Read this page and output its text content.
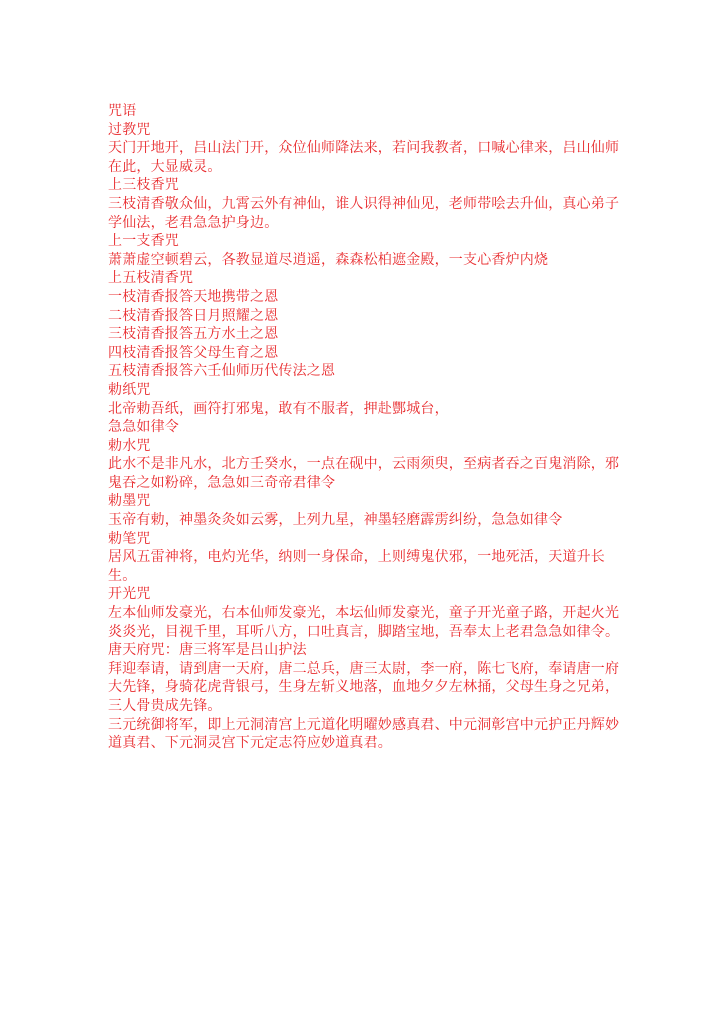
咒语

过教咒

天门开地开，吕山法门开，众位仙师降法来，若问我教者，口喊心律来，吕山仙师在此，大显威灵。

上三枝香咒

三枝清香敬众仙，九霄云外有神仙，谁人识得神仙见，老师带哙去升仙，真心弟子学仙法，老君急急护身边。

上一支香咒

萧萧虚空顿碧云，各教显道尽逍遥，森森松柏遮金殿，一支心香炉内烧

上五枝清香咒

一枝清香报答天地携带之恩

二枝清香报答日月照耀之恩

三枝清香报答五方水土之恩

四枝清香报答父母生育之恩

五枝清香报答六壬仙师历代传法之恩

勅纸咒

北帝勅吾纸，画符打邪鬼，敢有不服者，押赴酆城台，

急急如律令

勅水咒

此水不是非凡水，北方壬癸水，一点在砚中，云雨须臾，至病者吞之百鬼消除，邪鬼吞之如粉碎，急急如三奇帝君律令

勅墨咒

玉帝有勅，神墨灸灸如云雾，上列九星，神墨轻磨霹雳纠纷，急急如律令

勅笔咒

居风五雷神将，电灼光华，纳则一身保命，上则缚鬼伏邪，一地死活，天道升长生。

开光咒

左本仙师发豪光，右本仙师发豪光，本坛仙师发豪光，童子开光童子路，开起火光炎炎光，目视千里，耳听八方，口吐真言，脚踏宝地，吾奉太上老君急急如律令。

唐天府咒：唐三将军是吕山护法

拜迎奉请，请到唐一天府，唐二总兵，唐三太尉，李一府，陈七飞府，奉请唐一府大先锋，身骑花虎背银弓，生身左斩义地落，血地夕夕左林捅，父母生身之兄弟，三人骨贵成先锋。

三元统御将军，即上元洞清宫上元道化明曜妙感真君、中元洞彰宫中元护正丹辉妙道真君、下元洞灵宫下元定志符应妙道真君。
